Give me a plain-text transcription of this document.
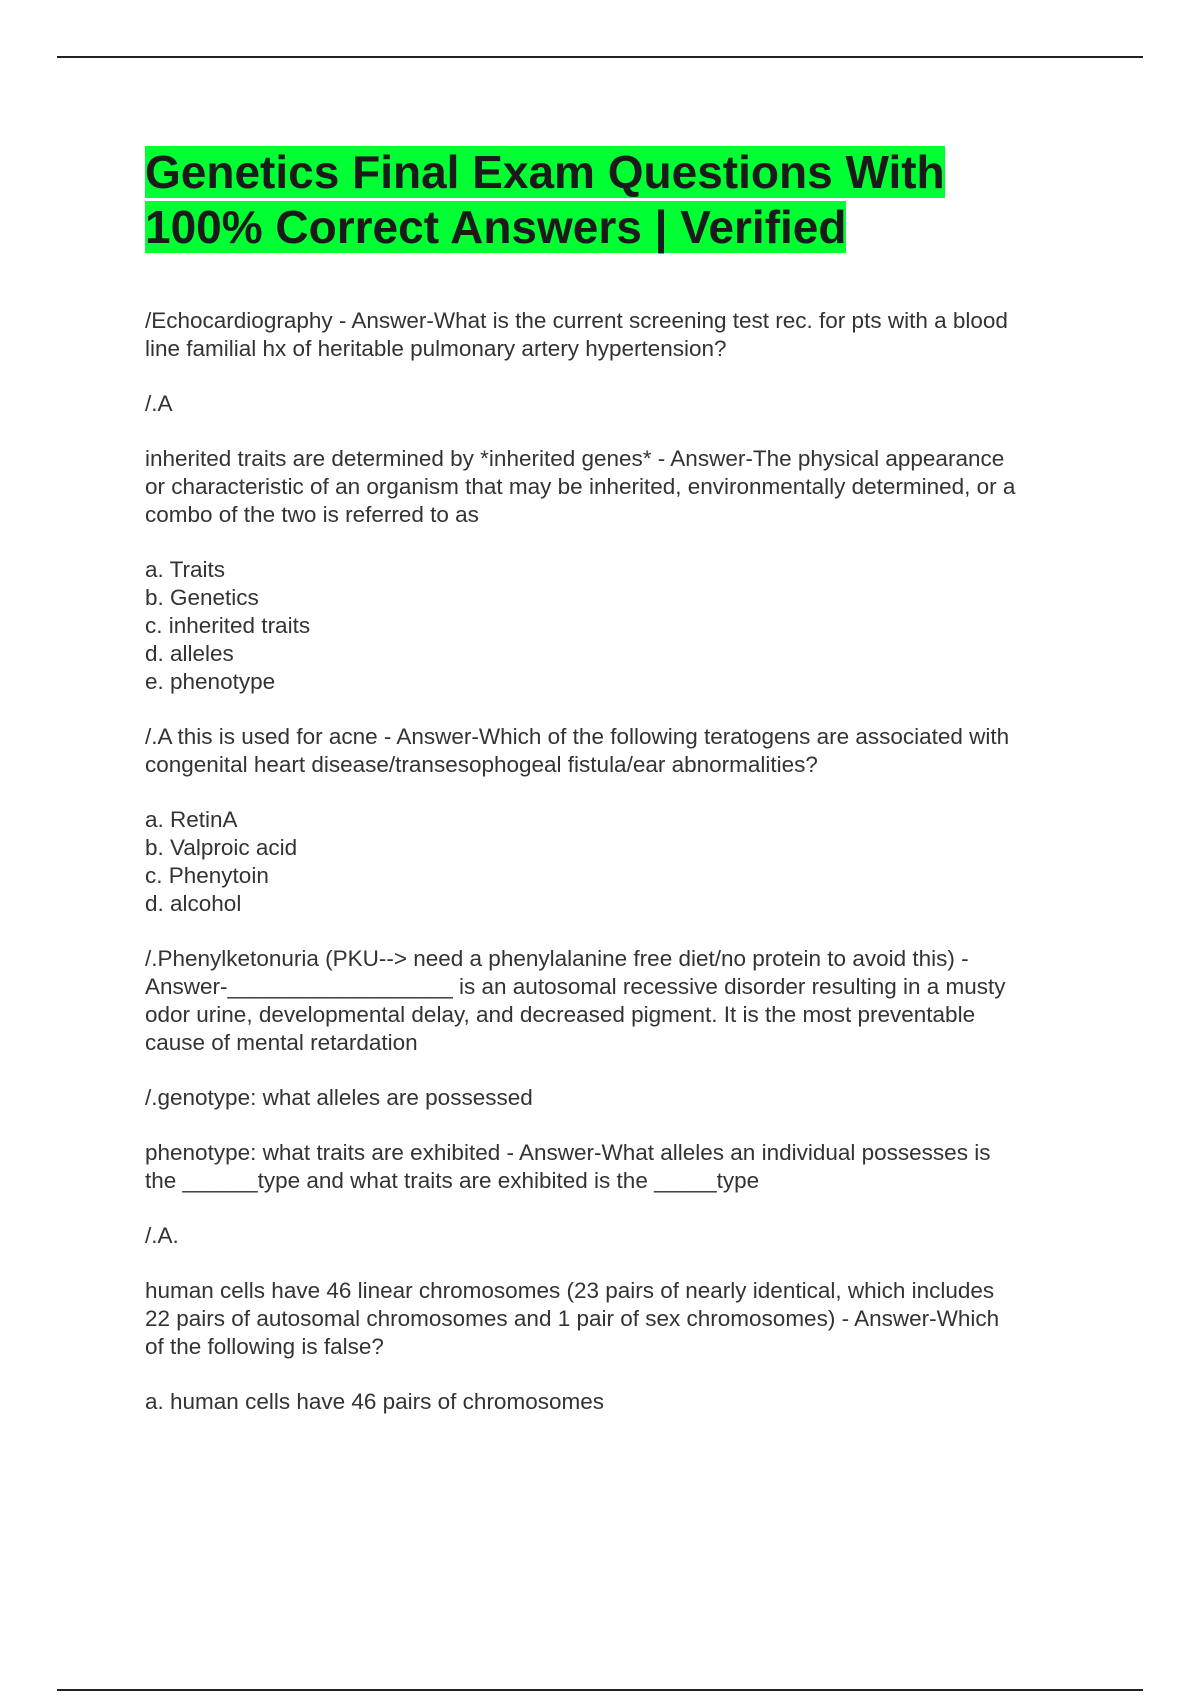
Genetics Final Exam Questions With
100% Correct Answers | Verified
/Echocardiography - Answer-What is the current screening test rec. for pts with a blood
line familial hx of heritable pulmonary artery hypertension?
/.A
inherited traits are determined by *inherited genes* - Answer-The physical appearance
or characteristic of an organism that may be inherited, environmentally determined, or a
combo of the two is referred to as
a. Traits
b. Genetics
c. inherited traits
d. alleles
e. phenotype
/.A this is used for acne - Answer-Which of the following teratogens are associated with
congenital heart disease/transesophogeal fistula/ear abnormalities?
a. RetinA
b. Valproic acid
c. Phenytoin
d. alcohol
/.Phenylketonuria (PKU--> need a phenylalanine free diet/no protein to avoid this) -
Answer-__________________ is an autosomal recessive disorder resulting in a musty
odor urine, developmental delay, and decreased pigment. It is the most preventable
cause of mental retardation
/.genotype: what alleles are possessed
phenotype: what traits are exhibited - Answer-What alleles an individual possesses is
the ______type and what traits are exhibited is the _____type
/.A.
human cells have 46 linear chromosomes (23 pairs of nearly identical, which includes
22 pairs of autosomal chromosomes and 1 pair of sex chromosomes) - Answer-Which
of the following is false?
a. human cells have 46 pairs of chromosomes
